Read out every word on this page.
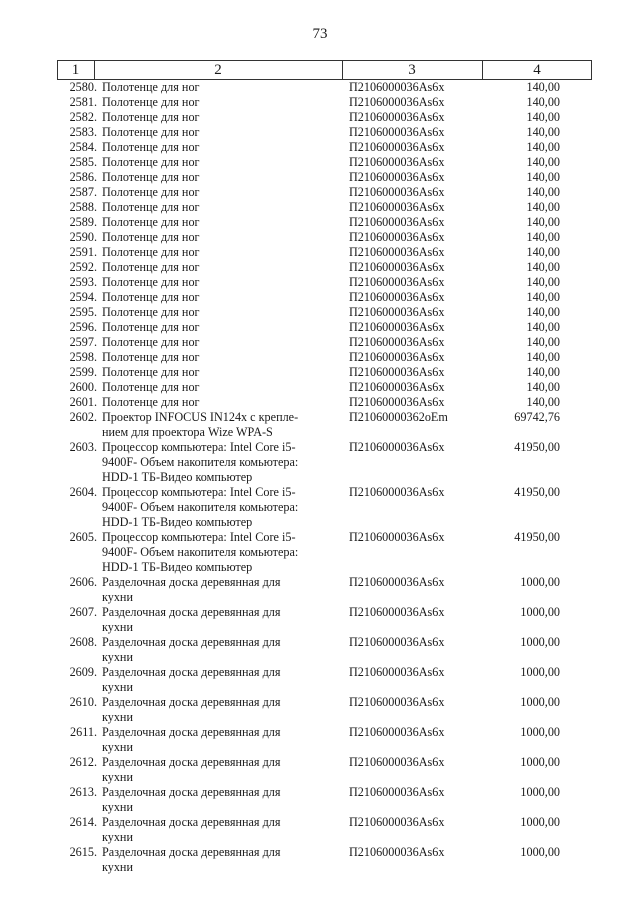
73
1	2	3	4
2580. Полотенце для ног	П2106000036Аs6x	140,00
2581. Полотенце для ног	П2106000036Аs6x	140,00
2582. Полотенце для ног	П2106000036Аs6x	140,00
2583. Полотенце для ног	П2106000036Аs6x	140,00
2584. Полотенце для ног	П2106000036Аs6x	140,00
2585. Полотенце для ног	П2106000036Аs6x	140,00
2586. Полотенце для ног	П2106000036Аs6x	140,00
2587. Полотенце для ног	П2106000036Аs6x	140,00
2588. Полотенце для ног	П2106000036Аs6x	140,00
2589. Полотенце для ног	П2106000036Аs6x	140,00
2590. Полотенце для ног	П2106000036Аs6x	140,00
2591. Полотенце для ног	П2106000036Аs6x	140,00
2592. Полотенце для ног	П2106000036Аs6x	140,00
2593. Полотенце для ног	П2106000036Аs6x	140,00
2594. Полотенце для ног	П2106000036Аs6x	140,00
2595. Полотенце для ног	П2106000036Аs6x	140,00
2596. Полотенце для ног	П2106000036Аs6x	140,00
2597. Полотенце для ног	П2106000036Аs6x	140,00
2598. Полотенце для ног	П2106000036Аs6x	140,00
2599. Полотенце для ног	П2106000036Аs6x	140,00
2600. Полотенце для ног	П2106000036Аs6x	140,00
2601. Полотенце для ног	П2106000036Аs6x	140,00
2602. Проектор INFOCUS IN124x с крепле-
нием для проектора Wize WPA-S
П21060000362оЕm	69742,76
2603. Процессор компьютера: Intel Core i5-
9400F- Объем накопителя комьютера:
HDD-1 ТБ-Видео компьютер
П2106000036Аs6x	41950,00
2604. Процессор компьютера: Intel Core i5-
9400F- Объем накопителя комьютера:
HDD-1 ТБ-Видео компьютер
П2106000036Аs6x	41950,00
2605. Процессор компьютера: Intel Core i5-
9400F- Объем накопителя комьютера:
HDD-1 ТБ-Видео компьютер
П2106000036Аs6x	41950,00
2606. Разделочная доска деревянная для
кухни
П2106000036Аs6x	1000,00
2607. Разделочная доска деревянная для
кухни
П2106000036Аs6x	1000,00
2608. Разделочная доска деревянная для
кухни
П2106000036Аs6x	1000,00
2609. Разделочная доска деревянная для
кухни
П2106000036Аs6x	1000,00
2610. Разделочная доска деревянная для
кухни
П2106000036Аs6x	1000,00
2611. Разделочная доска деревянная для
кухни
П2106000036Аs6x	1000,00
2612. Разделочная доска деревянная для
кухни
П2106000036Аs6x	1000,00
2613. Разделочная доска деревянная для
кухни
П2106000036Аs6x	1000,00
2614. Разделочная доска деревянная для
кухни
П2106000036Аs6x	1000,00
2615. Разделочная доска деревянная для
кухни
П2106000036Аs6x	1000,00
